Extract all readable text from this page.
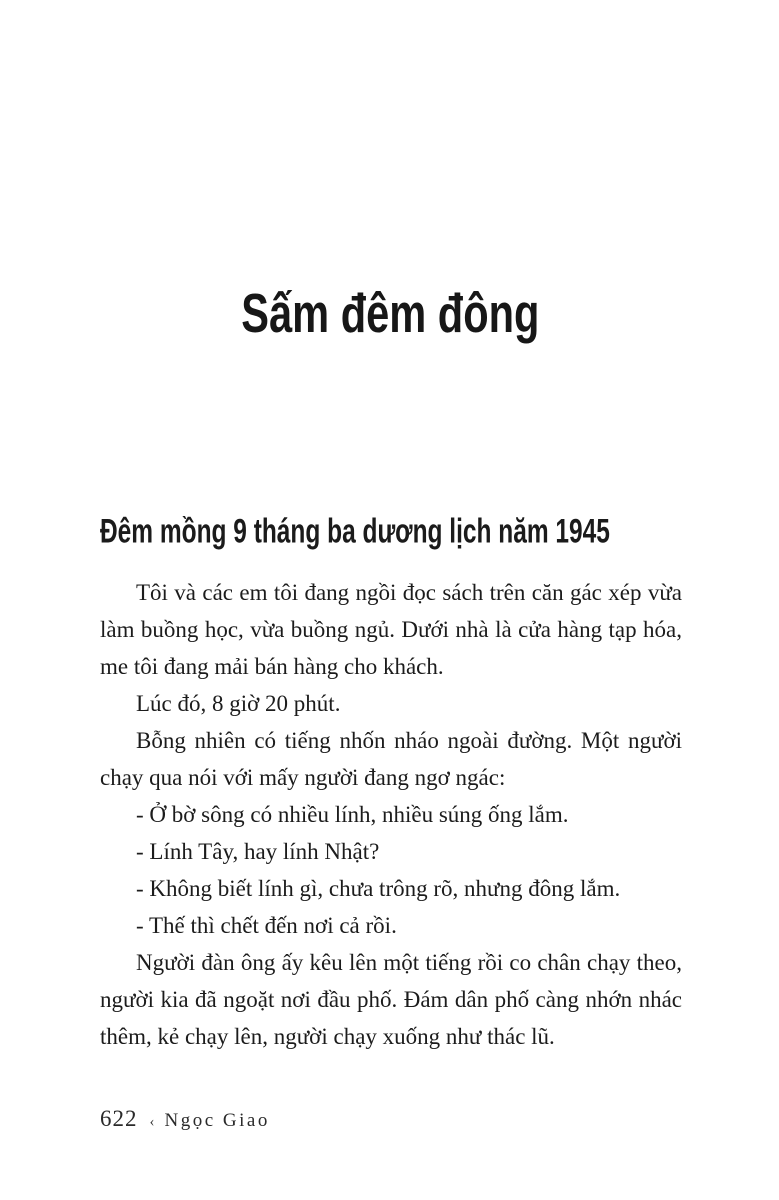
Sấm đêm đông
Đêm mồng 9 tháng ba dương lịch năm 1945

Tôi và các em tôi đang ngồi đọc sách trên căn gác xép vừa làm buồng học, vừa buồng ngủ. Dưới nhà là cửa hàng tạp hóa, me tôi đang mải bán hàng cho khách.

Lúc đó, 8 giờ 20 phút.

Bỗng nhiên có tiếng nhốn nháo ngoài đường. Một người chạy qua nói với mấy người đang ngơ ngác:

- Ở bờ sông có nhiều lính, nhiều súng ống lắm.

- Lính Tây, hay lính Nhật?

- Không biết lính gì, chưa trông rõ, nhưng đông lắm.

- Thế thì chết đến nơi cả rồi.

Người đàn ông ấy kêu lên một tiếng rồi co chân chạy theo, người kia đã ngoặt nơi đầu phố. Đám dân phố càng nhớn nhác thêm, kẻ chạy lên, người chạy xuống như thác lũ.

622 ‹ Ngọc Giao
